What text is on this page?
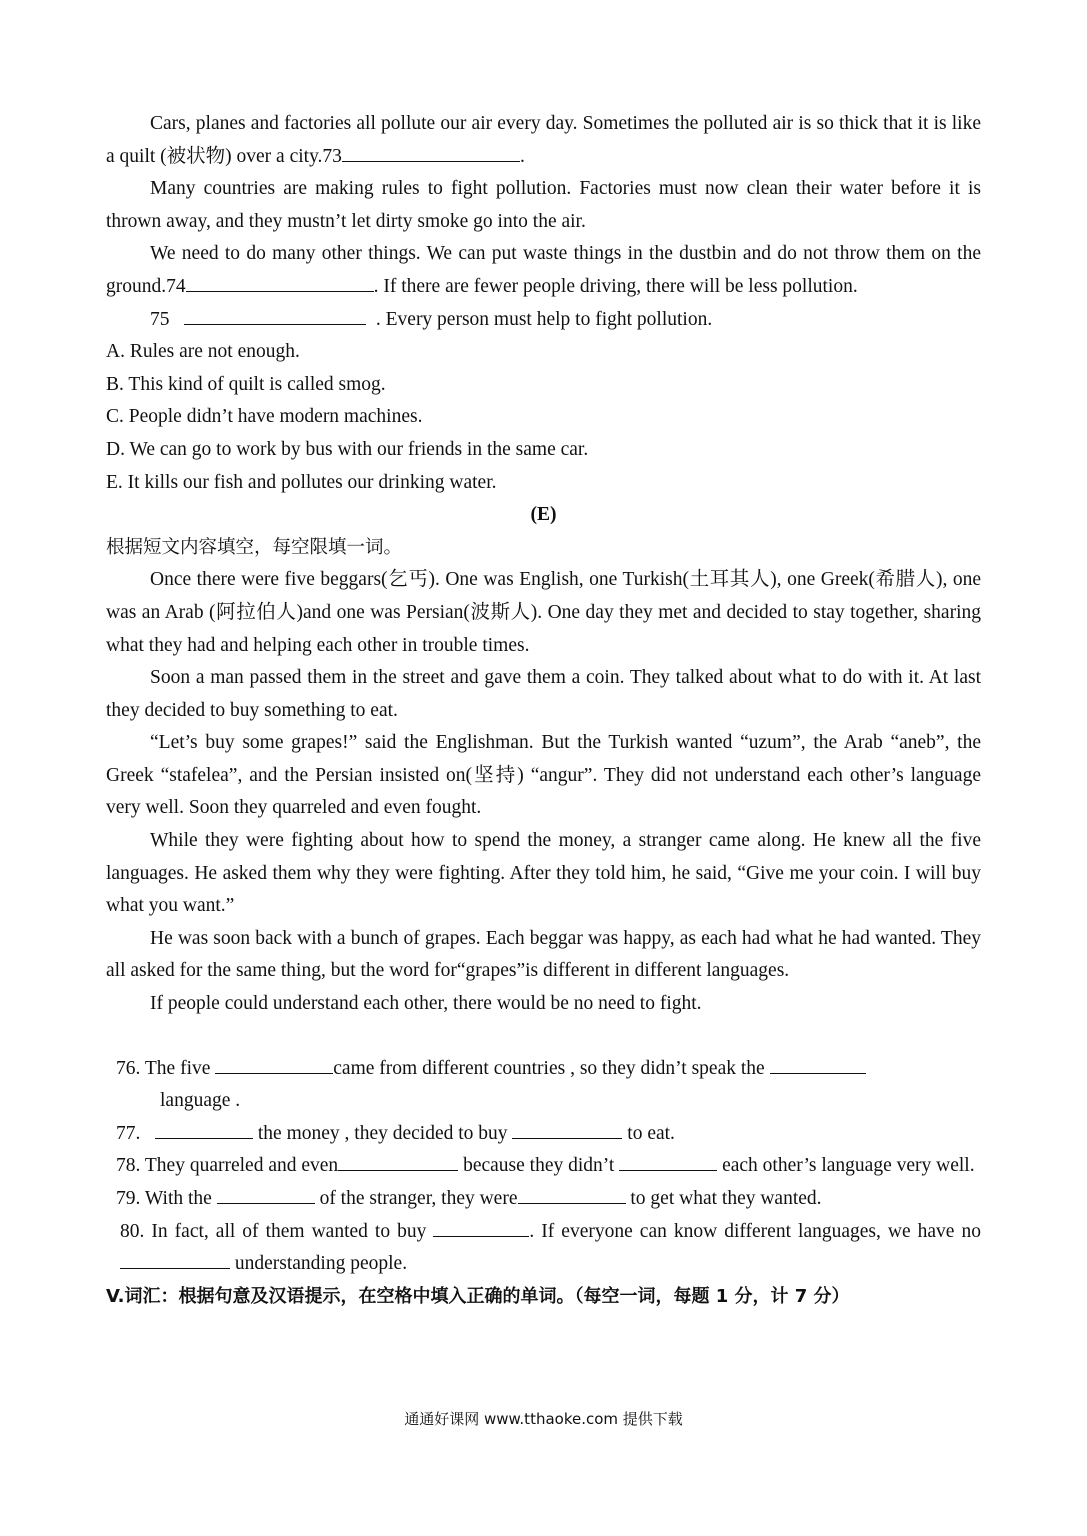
Cars, planes and factories all pollute our air every day. Sometimes the polluted air is so thick that it is like a quilt (被状物) over a city.73	.

Many countries are making rules to fight pollution. Factories must now clean their water before it is thrown away, and they mustn’t let dirty smoke go into the air.

We need to do many other things. We can put waste things in the dustbin and do not throw them on the ground.74	. If there are fewer people driving, there will be less pollution.

75	. Every person must help to fight pollution.

A. Rules are not enough.

B. This kind of quilt is called smog.

C. People didn’t have modern machines.

D. We can go to work by bus with our friends in the same car.

E. It kills our fish and pollutes our drinking water.

(E)

根据短文内容填空，每空限填一词。

Once there were five beggars(乞丐). One was English, one Turkish(土耳其人), one Greek(希腊人), one was an Arab (阿拉伯人)and one was Persian(波斯人). One day they met and decided to stay together, sharing what they had and helping each other in trouble times.

Soon a man passed them in the street and gave them a coin. They talked about what to do with it. At last they decided to buy something to eat.

“Let’s buy some grapes!” said the Englishman. But the Turkish wanted “uzum”, the Arab “aneb”, the Greek “stafelea”, and the Persian insisted on(坚持) “angur”. They did not understand each other’s language very well. Soon they quarreled and even fought.

While they were fighting about how to spend the money, a stranger came along. He knew all the five languages. He asked them why they were fighting. After they told him, he said, “Give me your coin. I will buy what you want.”

He was soon back with a bunch of grapes. Each beggar was happy, as each had what he had wanted. They all asked for the same thing, but the word for“grapes”is different in different languages.

If people could understand each other, there would be no need to fight.

76. The five	came from different countries , so they didn’t speak the
language .

77.	the money , they decided to buy	to eat.

78. They quarreled and even	because they didn’t	each other’s language very well.

79. With the	of the stranger, they were	to get what they wanted.

80. In fact, all of them wanted to buy	. If everyone can know different languages, we have no  understanding people.

V.词汇：根据句意及汉语提示，在空格中填入正确的单词。（每空一词，每题 1 分，计 7 分）

通通好课网 www.tthaoke.com 提供下载
